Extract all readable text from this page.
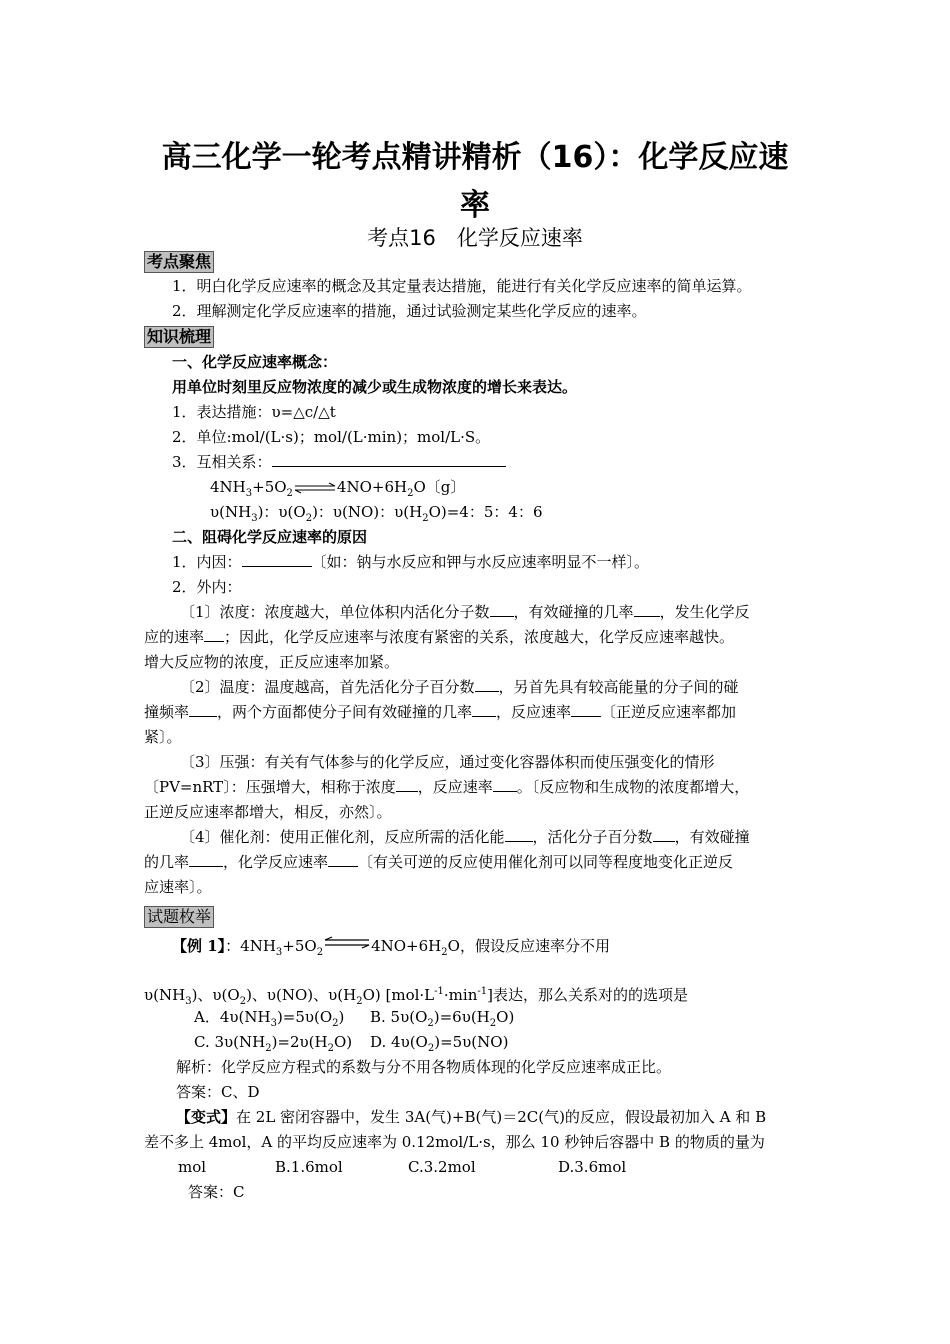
高三化学一轮考点精讲精析（16）：化学反应速
率
考点16　化学反应速率
考点聚焦
1．明白化学反应速率的概念及其定量表达措施，能进行有关化学反应速率的简单运算。
2．理解测定化学反应速率的措施，通过试验测定某些化学反应的速率。
知识梳理
一、化学反应速率概念：
用单位时刻里反应物浓度的减少或生成物浓度的增长来表达。
1．表达措施：υ=△c/△t
2．单位:mol/(L·s)；mol/(L·min)；mol/L·S。
3．互相关系：
$4NH_3+5O_2\rightleftharpoons 4NO+6H_2O$〔g〕
$\upsilon(NH_3)$：$\upsilon(O_2)$：υ(NO)：$\upsilon(H_2O)=4$：5：4：6
二、阻碍化学反应速率的原因
1．内因：	〔如：钠与水反应和钾与水反应速率明显不一样〕。
2．外内：
〔1〕浓度：浓度越大，单位体积内活化分子数 ，有效碰撞的几率 ，发生化学反
应的速率 ；因此，化学反应速率与浓度有紧密的关系，浓度越大，化学反应速率越快。
增大反应物的浓度，正反应速率加紧。
〔2〕温度：温度越高，首先活化分子百分数 ，另首先具有较高能量的分子间的碰
撞频率 ，两个方面都使分子间有效碰撞的几率 ，反应速率 〔正逆反应速率都加
紧〕。
〔3〕压强：有关有气体参与的化学反应，通过变化容器体积而使压强变化的情形
〔PV=nRT〕：压强增大，相称于浓度 ，反应速率 。〔反应物和生成物的浓度都增大，
正逆反应速率都增大，相反，亦然〕。
〔4〕催化剂：使用正催化剂，反应所需的活化能 ，活化分子百分数 ，有效碰撞
的几率 ，化学反应速率 〔有关可逆的反应使用催化剂可以同等程度地变化正逆反
应速率〕。
试题枚举
【例 1】：$4NH_3+5O_2$ $\rightleftharpoons 4NO+6H_2O$，假设反应速率分不用
$\upsilon(NH_3)$、$\upsilon(O_2)$、υ(NO)、$\upsilon(H_2O)$ $[mol\cdot L^{-1}\cdot\min^{-1}]$表达，那么关系对的的选项是
A．$4\upsilon(NH_3)=5\upsilon(O_2)$ B. $5\upsilon(O_2)=6\upsilon(H_2O)$
C. $3\upsilon(NH_2)=2\upsilon(H_2O)$ D. $4\upsilon(O_2)=5\upsilon(NO)$
解析：化学反应方程式的系数与分不用各物质体现的化学反应速率成正比。
答案：C、D
【变式】在 2L 密闭容器中，发生 3A(气)+B(气)＝2C(气)的反应，假设最初加入 A 和 B
差不多上 4mol，A 的平均反应速率为 0.12mol/L·s，那么 10 秒钟后容器中 B 的物质的量为
mol	B.1.6mol	C.3.2mol	D.3.6mol
答案：C
